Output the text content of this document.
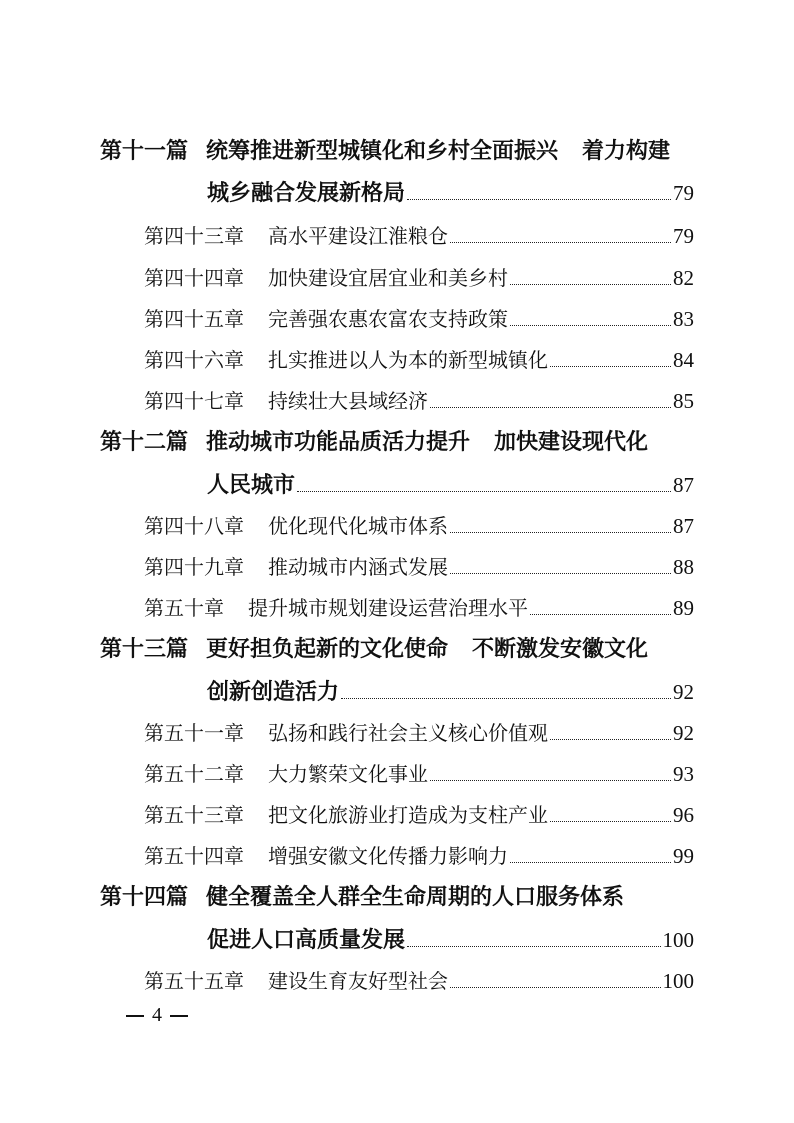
第十一篇 统筹推进新型城镇化和乡村全面振兴 着力构建
城乡融合发展新格局	79
第四十三章	高水平建设江淮粮仓	79
第四十四章	加快建设宜居宜业和美乡村	82
第四十五章	完善强农惠农富农支持政策	83
第四十六章	扎实推进以人为本的新型城镇化	84
第四十七章	持续壮大县域经济	85
第十二篇 推动城市功能品质活力提升 加快建设现代化
人民城市	87
第四十八章	优化现代化城市体系	87
第四十九章	推动城市内涵式发展	88
第五十章	提升城市规划建设运营治理水平	89
第十三篇 更好担负起新的文化使命 不断激发安徽文化
创新创造活力	92
第五十一章	弘扬和践行社会主义核心价值观	92
第五十二章	大力繁荣文化事业	93
第五十三章	把文化旅游业打造成为支柱产业	96
第五十四章	增强安徽文化传播力影响力	99
第十四篇 健全覆盖全人群全生命周期的人口服务体系
促进人口高质量发展	100
第五十五章	建设生育友好型社会	100
4
